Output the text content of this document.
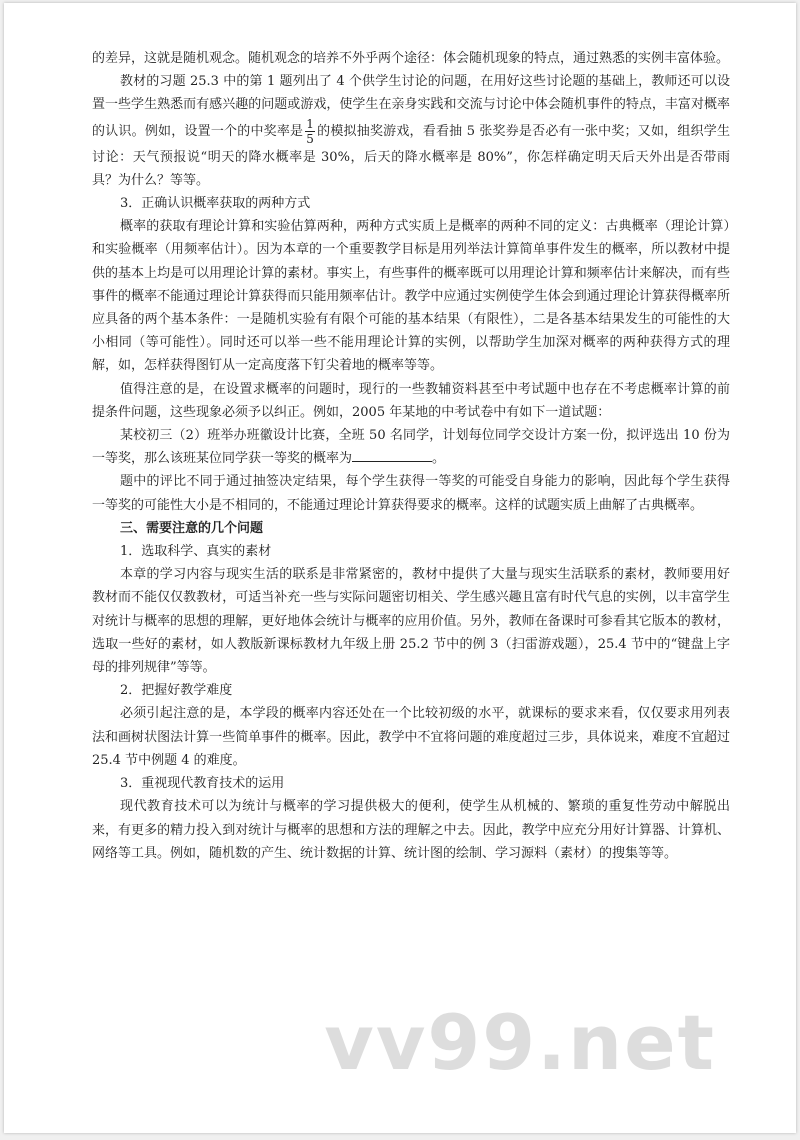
的差异，这就是随机观念。随机观念的培养不外乎两个途径：体会随机现象的特点，通过熟悉的实例丰富体验。

教材的习题 25.3 中的第 1 题列出了 4 个供学生讨论的问题，在用好这些讨论题的基础上，教师还可以设置一些学生熟悉而有感兴趣的问题或游戏，使学生在亲身实践和交流与讨论中体会随机事件的特点，丰富对概率的认识。例如，设置一个的中奖率是 $\frac{1}{5}$ 的模拟抽奖游戏，看看抽 5 张奖券是否必有一张中奖；又如，组织学生讨论：天气预报说“明天的降水概率是 30%，后天的降水概率是 80%”，你怎样确定明天后天外出是否带雨具？为什么？等等。

3．正确认识概率获取的两种方式

概率的获取有理论计算和实验估算两种，两种方式实质上是概率的两种不同的定义：古典概率（理论计算）和实验概率（用频率估计）。因为本章的一个重要教学目标是用列举法计算简单事件发生的概率，所以教材中提供的基本上均是可以用理论计算的素材。事实上，有些事件的概率既可以用理论计算和频率估计来解决，而有些事件的概率不能通过理论计算获得而只能用频率估计。教学中应通过实例使学生体会到通过理论计算获得概率所应具备的两个基本条件：一是随机实验有有限个可能的基本结果（有限性），二是各基本结果发生的可能性的大小相同（等可能性）。同时还可以举一些不能用理论计算的实例，以帮助学生加深对概率的两种获得方式的理解，如，怎样获得图钉从一定高度落下钉尖着地的概率等等。

值得注意的是，在设置求概率的问题时，现行的一些教辅资料甚至中考试题中也存在不考虑概率计算的前提条件问题，这些现象必须予以纠正。例如，2005 年某地的中考试卷中有如下一道试题：

某校初三（2）班举办班徽设计比赛，全班 50 名同学，计划每位同学交设计方案一份，拟评选出 10 份为一等奖，那么该班某位同学获一等奖的概率为	。

题中的评比不同于通过抽签决定结果，每个学生获得一等奖的可能受自身能力的影响，因此每个学生获得一等奖的可能性大小是不相同的，不能通过理论计算获得要求的概率。这样的试题实质上曲解了古典概率。

三、需要注意的几个问题

1．选取科学、真实的素材

本章的学习内容与现实生活的联系是非常紧密的，教材中提供了大量与现实生活联系的素材，教师要用好教材而不能仅仅教教材，可适当补充一些与实际问题密切相关、学生感兴趣且富有时代气息的实例，以丰富学生对统计与概率的思想的理解，更好地体会统计与概率的应用价值。另外，教师在备课时可参看其它版本的教材，选取一些好的素材，如人教版新课标教材九年级上册 25.2 节中的例 3（扫雷游戏题），25.4 节中的“键盘上字母的排列规律”等等。

2．把握好教学难度

必须引起注意的是，本学段的概率内容还处在一个比较初级的水平，就课标的要求来看，仅仅要求用列表法和画树状图法计算一些简单事件的概率。因此，教学中不宜将问题的难度超过三步，具体说来，难度不宜超过 25.4 节中例题 4 的难度。

3．重视现代教育技术的运用

现代教育技术可以为统计与概率的学习提供极大的便利，使学生从机械的、繁琐的重复性劳动中解脱出来，有更多的精力投入到对统计与概率的思想和方法的理解之中去。因此，教学中应充分用好计算器、计算机、网络等工具。例如，随机数的产生、统计数据的计算、统计图的绘制、学习源料（素材）的搜集等等。

vv99.net
